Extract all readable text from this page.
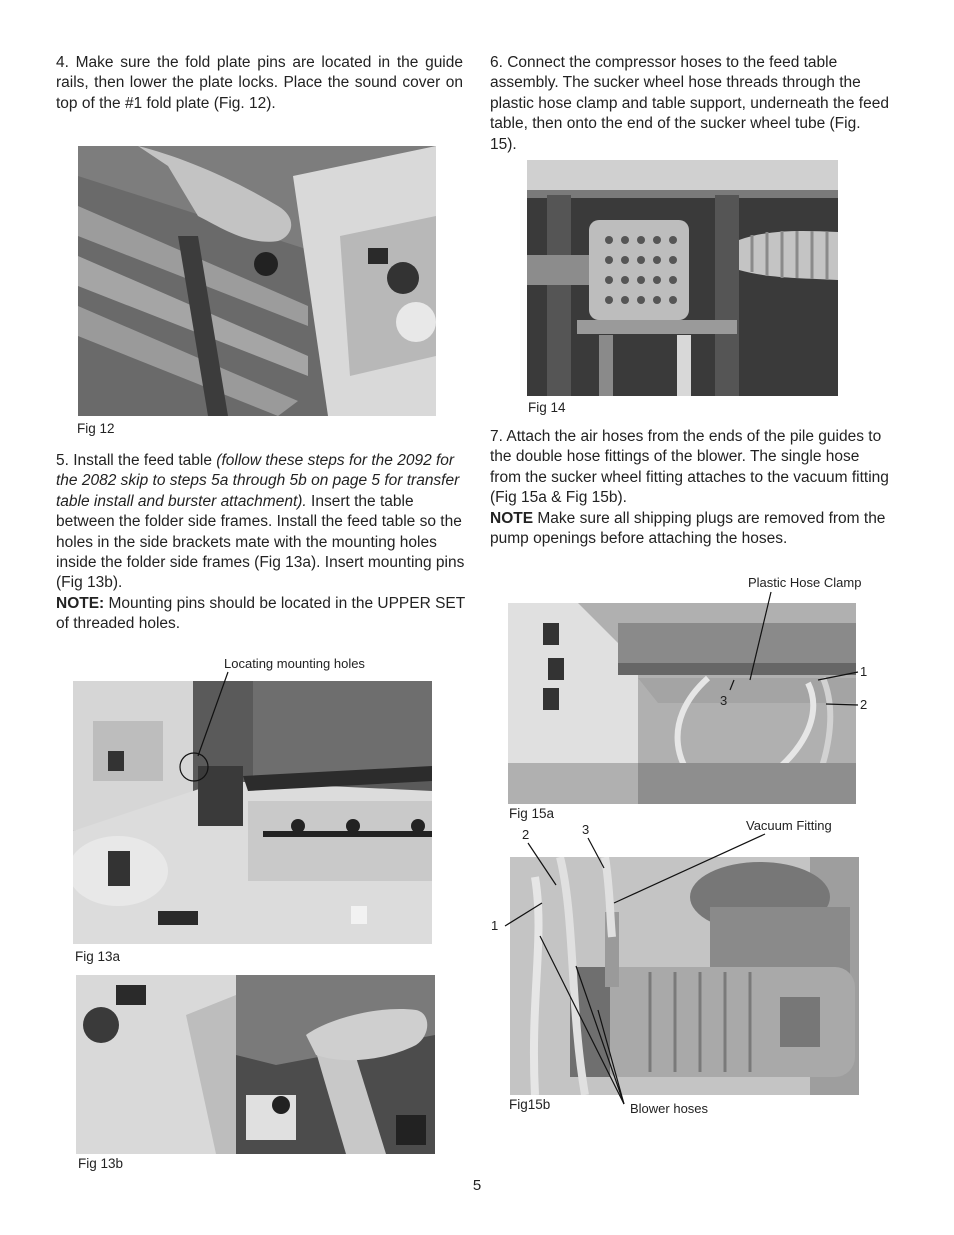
4. Make sure the fold plate pins are located in the guide rails, then lower the plate locks. Place the sound cover on top of the #1 fold plate (Fig. 12).

Fig 12

5. Install the feed table (follow these steps for the 2092 for the 2082 skip to steps 5a through 5b on page 5 for transfer table install and burster attachment). Insert the table between the folder side frames. Install the feed table so the holes in the side brackets mate with the mounting holes inside the folder side frames (Fig 13a). Insert mounting pins (Fig 13b).

NOTE: Mounting pins should be located in the UPPER SET of threaded holes.

Locating mounting holes
Fig 13a
Fig 13b

6. Connect the compressor hoses to the feed table assembly. The sucker wheel hose threads through the plastic hose clamp and table support, underneath the feed table, then onto the end of the sucker wheel tube (Fig. 15).

Fig 14

7. Attach the air hoses from the ends of the pile guides to the double hose fittings of the blower. The single hose from the sucker wheel fitting attaches to the vacuum fitting (Fig 15a & Fig 15b).

NOTE Make sure all shipping plugs are removed from the pump openings before attaching the hoses.

Plastic Hose Clamp
Fig 15a
3
1
2
2	3	Vacuum Fitting
1
Fig15b	Blower hoses
5
